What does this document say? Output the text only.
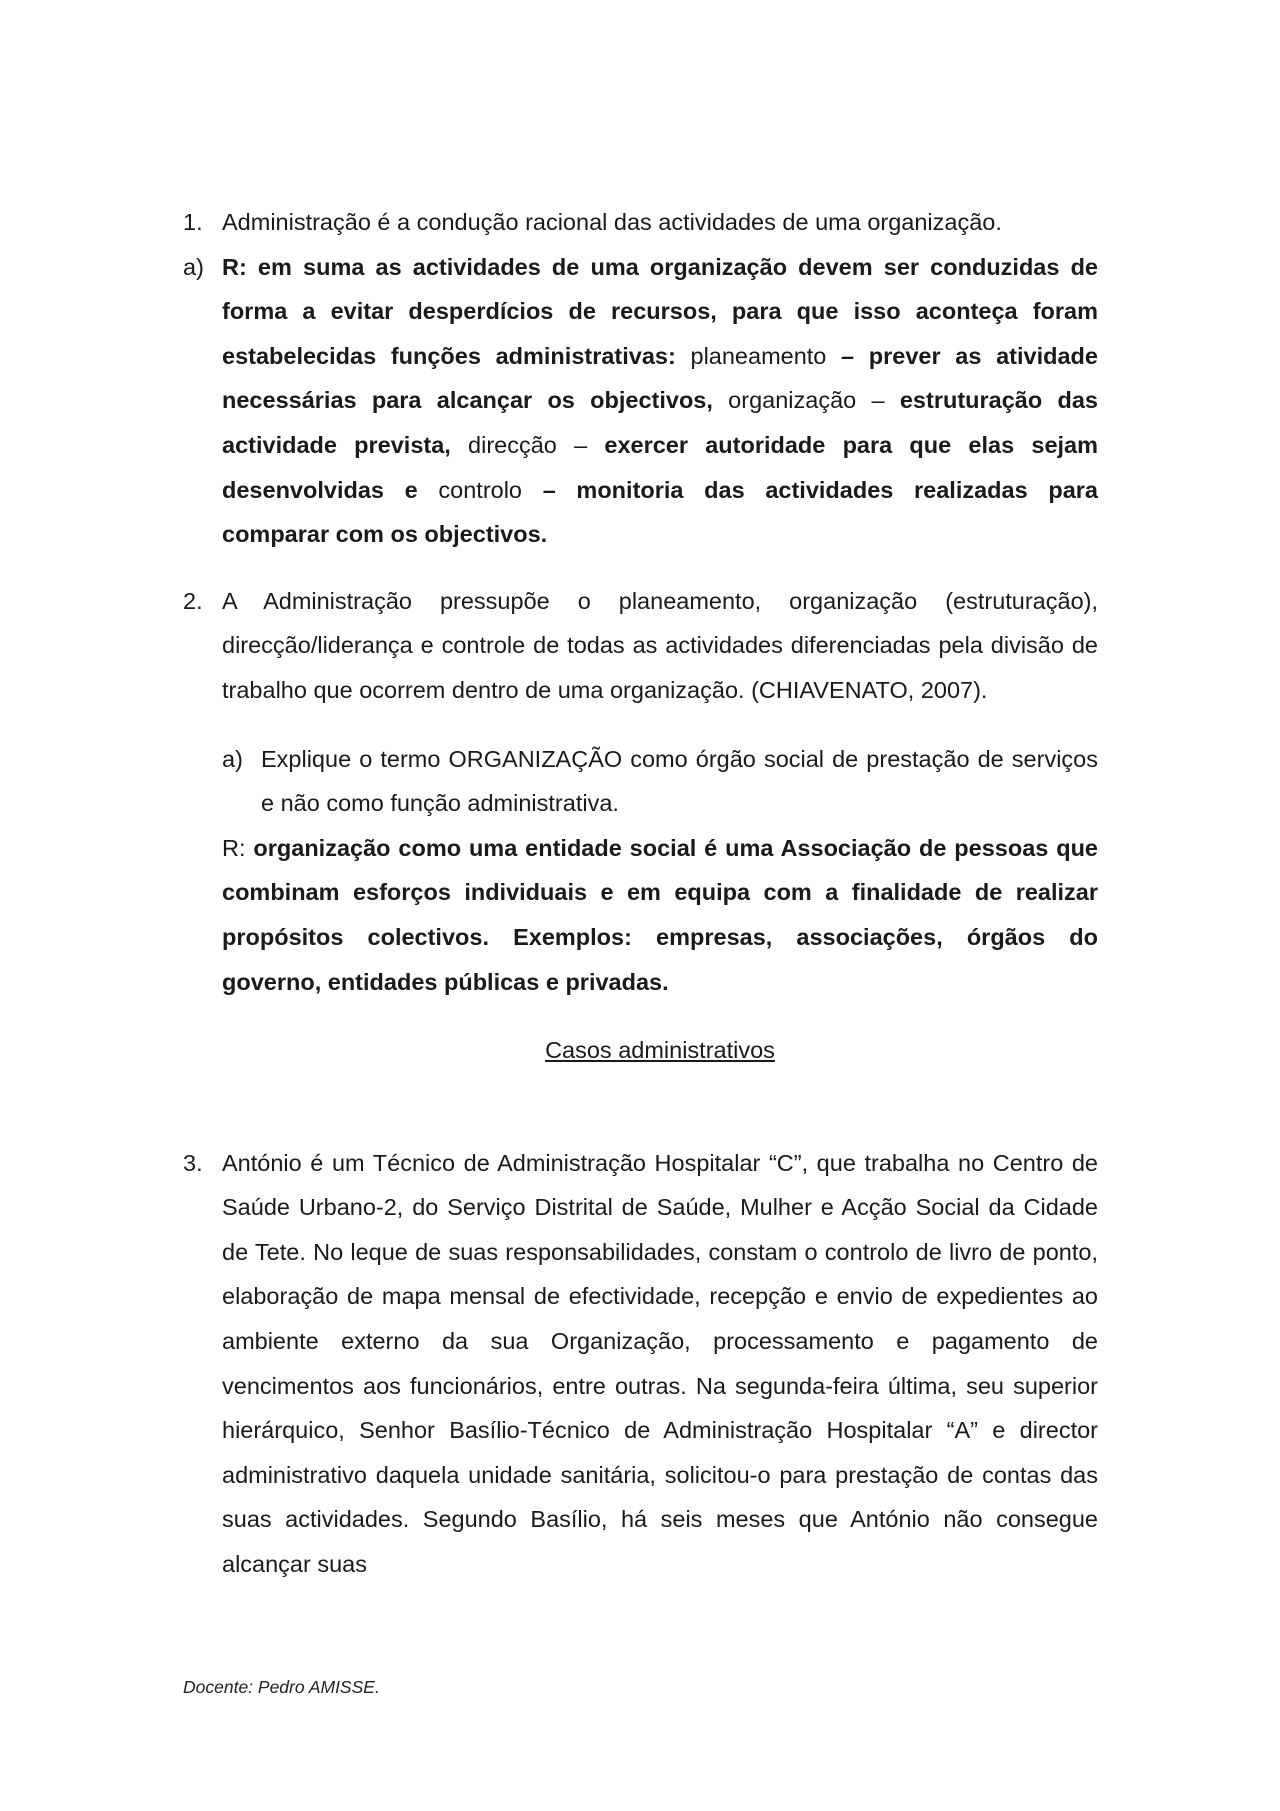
1. Administração é a condução racional das actividades de uma organização.

a) R: em suma as actividades de uma organização devem ser conduzidas de forma a evitar desperdícios de recursos, para que isso aconteça foram estabelecidas funções administrativas: planeamento – prever as atividade necessárias para alcançar os objectivos, organização – estruturação das actividade prevista, direcção – exercer autoridade para que elas sejam desenvolvidas e controlo – monitoria das actividades realizadas para comparar com os objectivos.

2. A Administração pressupõe o planeamento, organização (estruturação), direcção/liderança e controle de todas as actividades diferenciadas pela divisão de trabalho que ocorrem dentro de uma organização. (CHIAVENATO, 2007).

a) Explique o termo ORGANIZAÇÃO como órgão social de prestação de serviços e não como função administrativa.

R: organização como uma entidade social é uma Associação de pessoas que combinam esforços individuais e em equipa com a finalidade de realizar propósitos colectivos. Exemplos: empresas, associações, órgãos do governo, entidades públicas e privadas.

Casos administrativos

3. António é um Técnico de Administração Hospitalar “C”, que trabalha no Centro de Saúde Urbano-2, do Serviço Distrital de Saúde, Mulher e Acção Social da Cidade de Tete. No leque de suas responsabilidades, constam o controlo de livro de ponto, elaboração de mapa mensal de efectividade, recepção e envio de expedientes ao ambiente externo da sua Organização, processamento e pagamento de vencimentos aos funcionários, entre outras. Na segunda-feira última, seu superior hierárquico, Senhor Basílio-Técnico de Administração Hospitalar “A” e director administrativo daquela unidade sanitária, solicitou-o para prestação de contas das suas actividades. Segundo Basílio, há seis meses que António não consegue alcançar suas

Docente: Pedro AMISSE.
